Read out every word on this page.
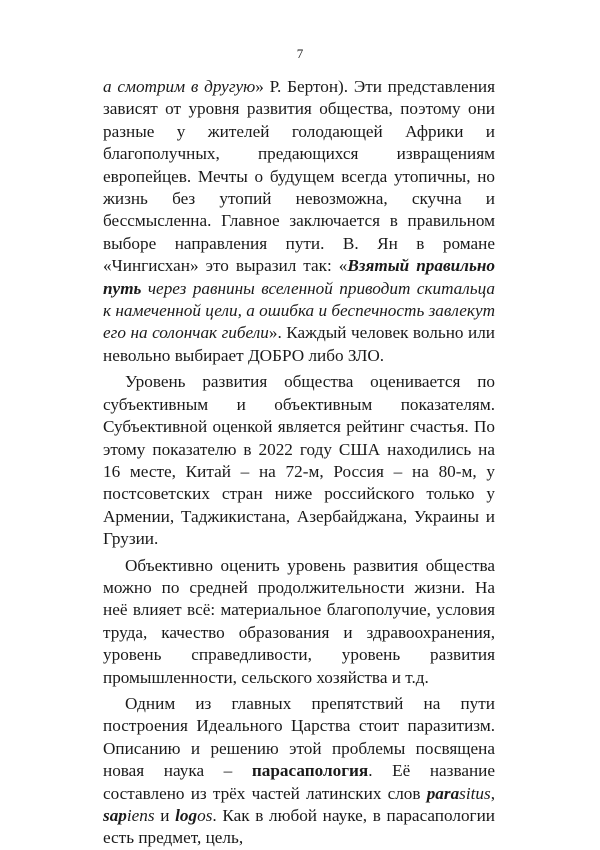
7

а смотрим в другую» Р. Бертон). Эти представления зависят от уровня развития общества, поэтому они разные у жителей голодающей Африки и благополучных, предающихся извращениям европейцев. Мечты о будущем всегда утопичны, но жизнь без утопий невозможна, скучна и бессмысленна. Главное заключается в правильном выборе направления пути. В. Ян в романе «Чингисхан» это выразил так: «Взятый правильно путь через равнины вселенной приводит скитальца к намеченной цели, а ошибка и беспечность завлекут его на солончак гибели». Каждый человек вольно или невольно выбирает ДОБРО либо ЗЛО.

Уровень развития общества оценивается по субъективным и объективным показателям. Субъективной оценкой является рейтинг счастья. По этому показателю в 2022 году США находились на 16 месте, Китай – на 72-м, Россия – на 80-м, у постсоветских стран ниже российского только у Армении, Таджикистана, Азербайджана, Украины и Грузии.

Объективно оценить уровень развития общества можно по средней продолжительности жизни. На неё влияет всё: материальное благополучие, условия труда, качество образования и здравоохранения, уровень справедливости, уровень развития промышленности, сельского хозяйства и т.д.

Одним из главных препятствий на пути построения Идеального Царства стоит паразитизм. Описанию и решению этой проблемы посвящена новая наука – парасапология. Её название составлено из трёх частей латинских слов parasitus, sapiens и logos. Как в любой науке, в парасапологии есть предмет, цель,
